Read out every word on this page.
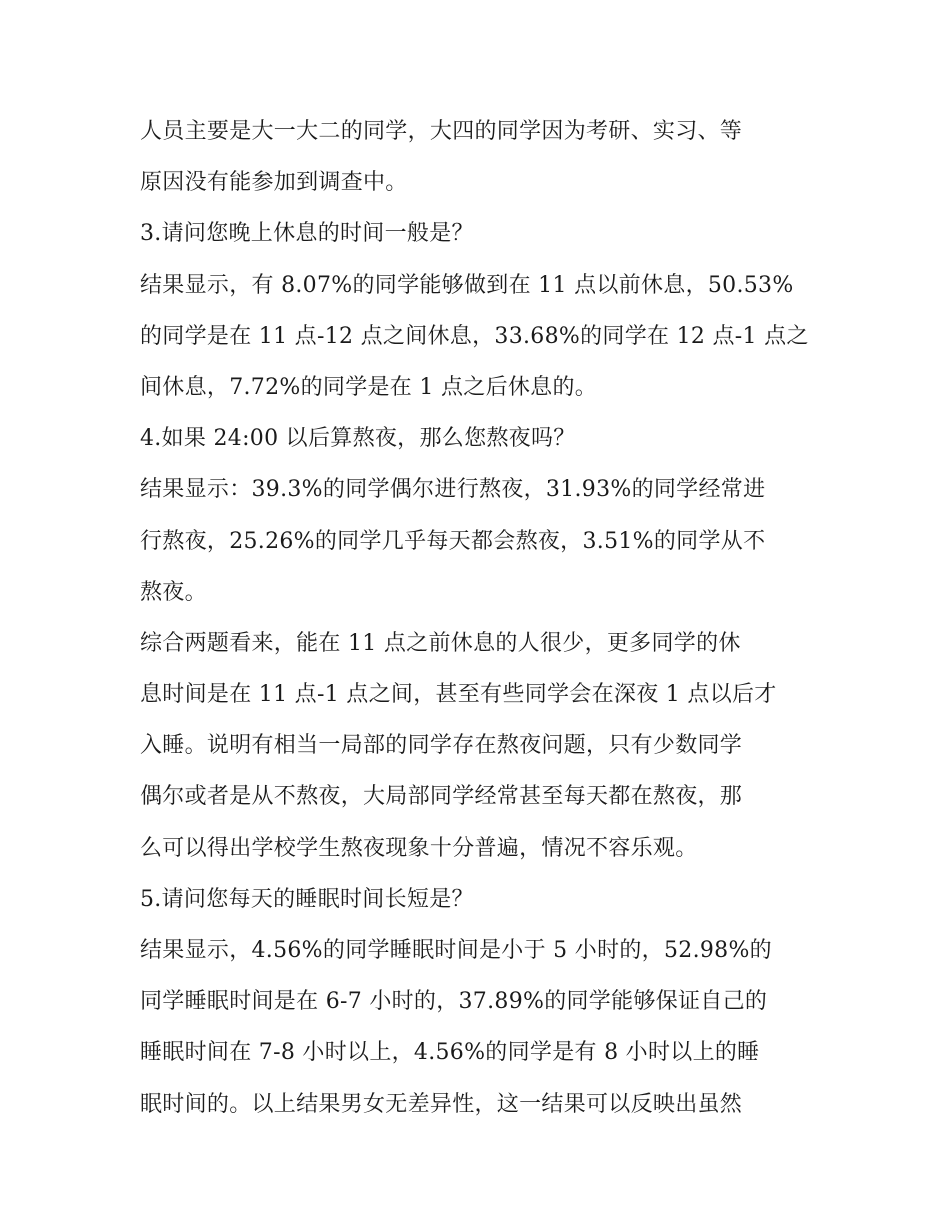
人员主要是大一大二的同学，大四的同学因为考研、实习、等
原因没有能参加到调查中。
3.请问您晚上休息的时间一般是？
结果显示，有 8.07%的同学能够做到在 11 点以前休息，50.53%
的同学是在 11 点-12 点之间休息，33.68%的同学在 12 点-1 点之
间休息，7.72%的同学是在 1 点之后休息的。
4.如果 24:00 以后算熬夜，那么您熬夜吗？
结果显示：39.3%的同学偶尔进行熬夜，31.93%的同学经常进
行熬夜，25.26%的同学几乎每天都会熬夜，3.51%的同学从不
熬夜。
综合两题看来，能在 11 点之前休息的人很少，更多同学的休
息时间是在 11 点-1 点之间，甚至有些同学会在深夜 1 点以后才
入睡。说明有相当一局部的同学存在熬夜问题，只有少数同学
偶尔或者是从不熬夜，大局部同学经常甚至每天都在熬夜，那
么可以得出学校学生熬夜现象十分普遍，情况不容乐观。
5.请问您每天的睡眠时间长短是？
结果显示，4.56%的同学睡眠时间是小于 5 小时的，52.98%的
同学睡眠时间是在 6-7 小时的，37.89%的同学能够保证自己的
睡眠时间在 7-8 小时以上，4.56%的同学是有 8 小时以上的睡
眠时间的。以上结果男女无差异性，这一结果可以反映出虽然
